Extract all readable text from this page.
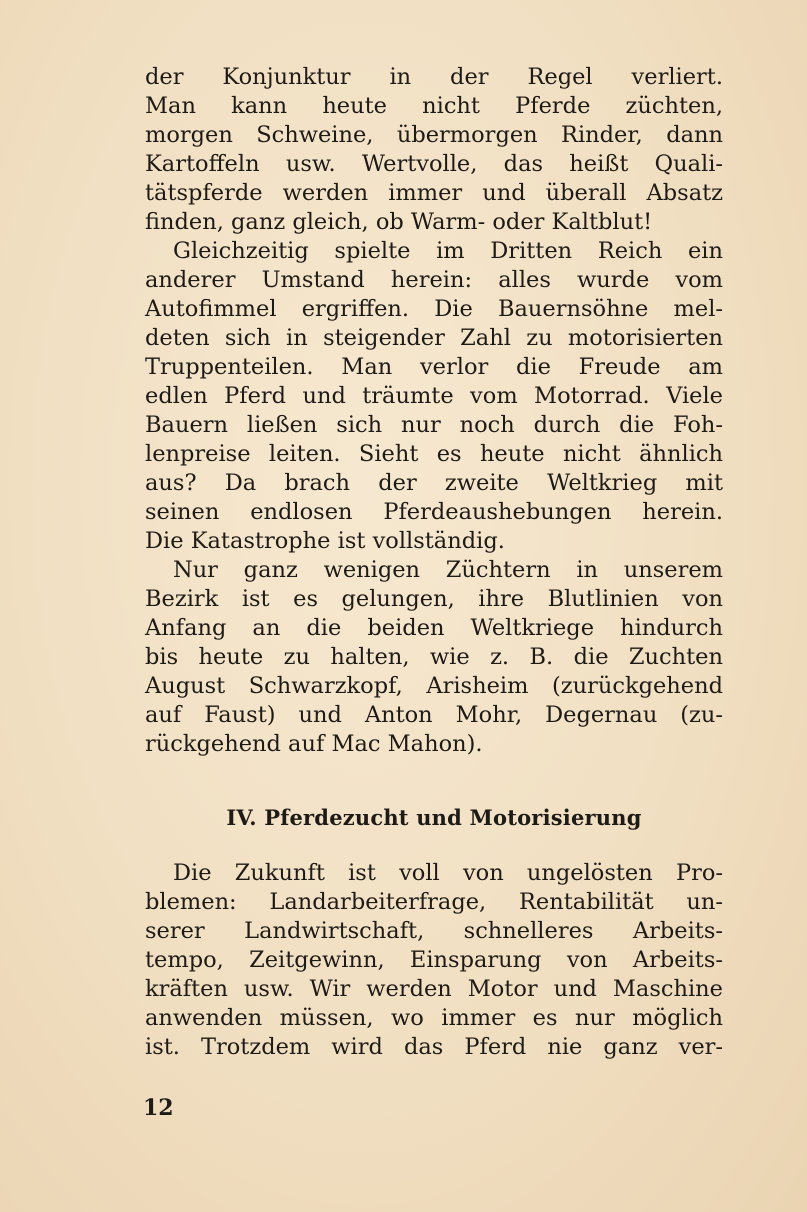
der Konjunktur in der Regel verliert.
Man kann heute nicht Pferde züchten,
morgen Schweine, übermorgen Rinder, dann
Kartoffeln usw. Wertvolle, das heißt Quali-
tätspferde werden immer und überall Absatz
finden, ganz gleich, ob Warm- oder Kaltblut!
Gleichzeitig spielte im Dritten Reich ein
anderer Umstand herein: alles wurde vom
Autofimmel ergriffen. Die Bauernsöhne mel-
deten sich in steigender Zahl zu motorisierten
Truppenteilen. Man verlor die Freude am
edlen Pferd und träumte vom Motorrad. Viele
Bauern ließen sich nur noch durch die Foh-
lenpreise leiten. Sieht es heute nicht ähnlich
aus? Da brach der zweite Weltkrieg mit
seinen endlosen Pferdeaushebungen herein.
Die Katastrophe ist vollständig.
Nur ganz wenigen Züchtern in unserem
Bezirk ist es gelungen, ihre Blutlinien von
Anfang an die beiden Weltkriege hindurch
bis heute zu halten, wie z. B. die Zuchten
August Schwarzkopf, Arisheim (zurückgehend
auf Faust) und Anton Mohr, Degernau (zu-
rückgehend auf Mac Mahon).
IV. Pferdezucht und Motorisierung
Die Zukunft ist voll von ungelösten Pro-
blemen: Landarbeiterfrage, Rentabilität un-
serer Landwirtschaft, schnelleres Arbeits-
tempo, Zeitgewinn, Einsparung von Arbeits-
kräften usw. Wir werden Motor und Maschine
anwenden müssen, wo immer es nur möglich
ist. Trotzdem wird das Pferd nie ganz ver-
12
